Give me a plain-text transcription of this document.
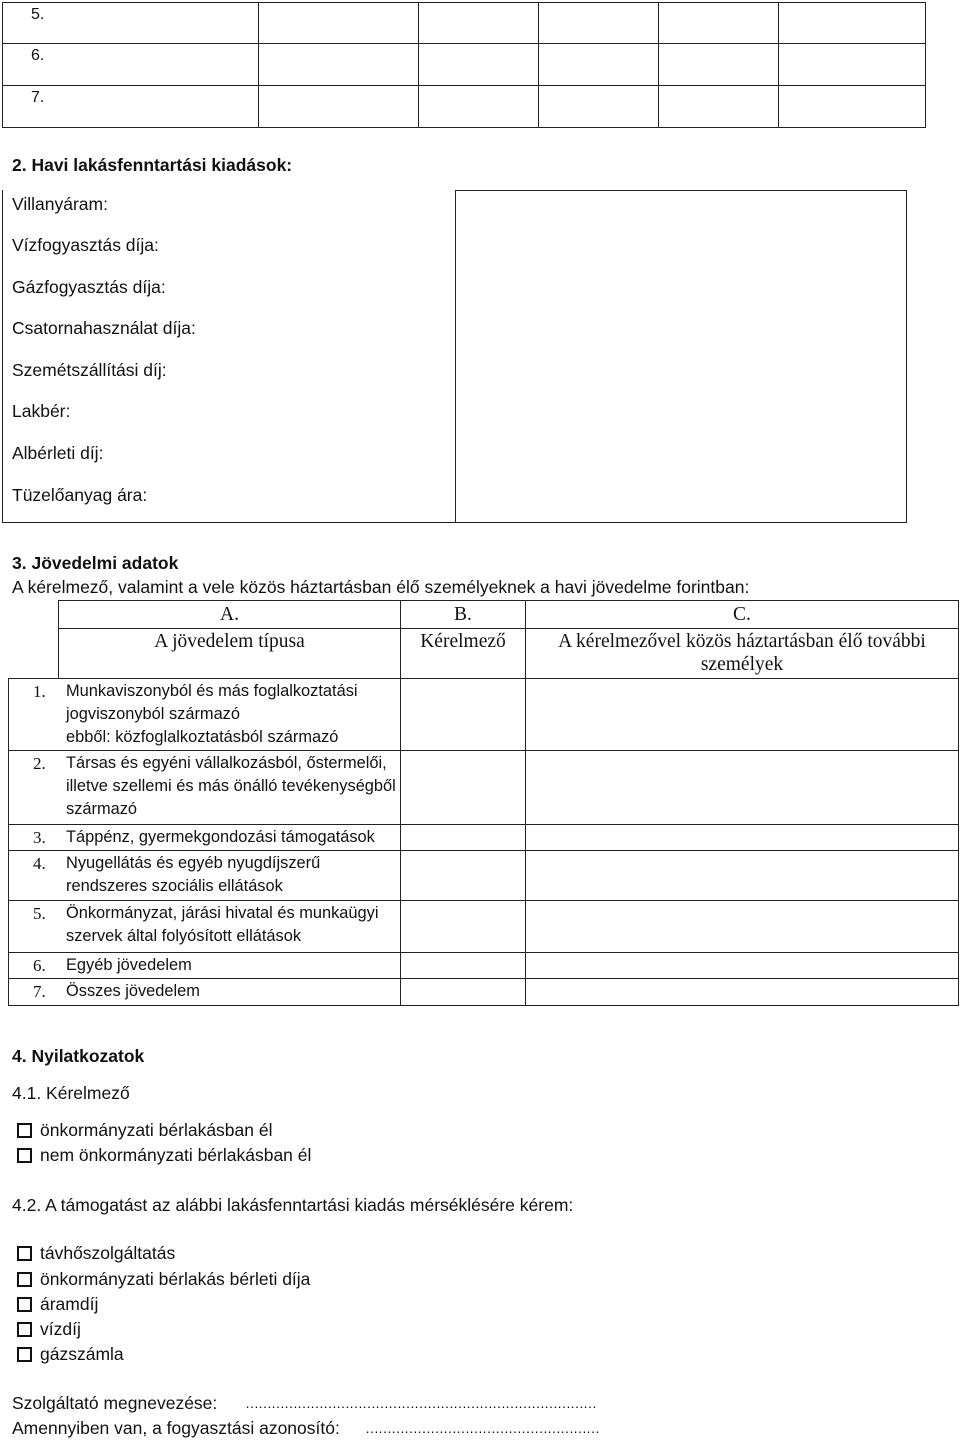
5.					
6.					
7.					
2. Havi lakásfenntartási kiadások:
Villanyáram:
Vízfogyasztás díja:
Gázfogyasztás díja:
Csatornahasználat díja:
Szemétszállítási díj:
Lakbér:
Albérleti díj:
Tüzelőanyag ára:
3. Jövedelmi adatok
A kérelmező, valamint a vele közös háztartásban élő személyeknek a havi jövedelme forintban:
	A.	B.	C.
	A jövedelem típusa	Kérelmező	A kérelmezővel közös háztartásban élő további személyek

1. Munkaviszonyból és más foglalkoztatási
jogviszonyból származó
ebből: közfoglalkoztatásból származó			

2. Társas és egyéni vállalkozásból, őstermelői,
illetve szellemi és más önálló tevékenységből
származó			

3. Táppénz, gyermekgondozási támogatások			

4. Nyugellátás és egyéb nyugdíjszerű
rendszeres szociális ellátások			

5. Önkormányzat, járási hivatal és munkaügyi
szervek által folyósított ellátások			

6. Egyéb jövedelem			

7. Összes jövedelem			

4. Nyilatkozatok
4.1. Kérelmező
önkormányzati bérlakásban él
nem önkormányzati bérlakásban él
4.2. A támogatást az alábbi lakásfenntartási kiadás mérséklésére kérem:
távhőszolgáltatás
önkormányzati bérlakás bérleti díja
áramdíj
vízdíj
gázszámla
Szolgáltató megnevezése: ………………………………………………………………………
Amennyiben van, a fogyasztási azonosító: ………………………………………………
